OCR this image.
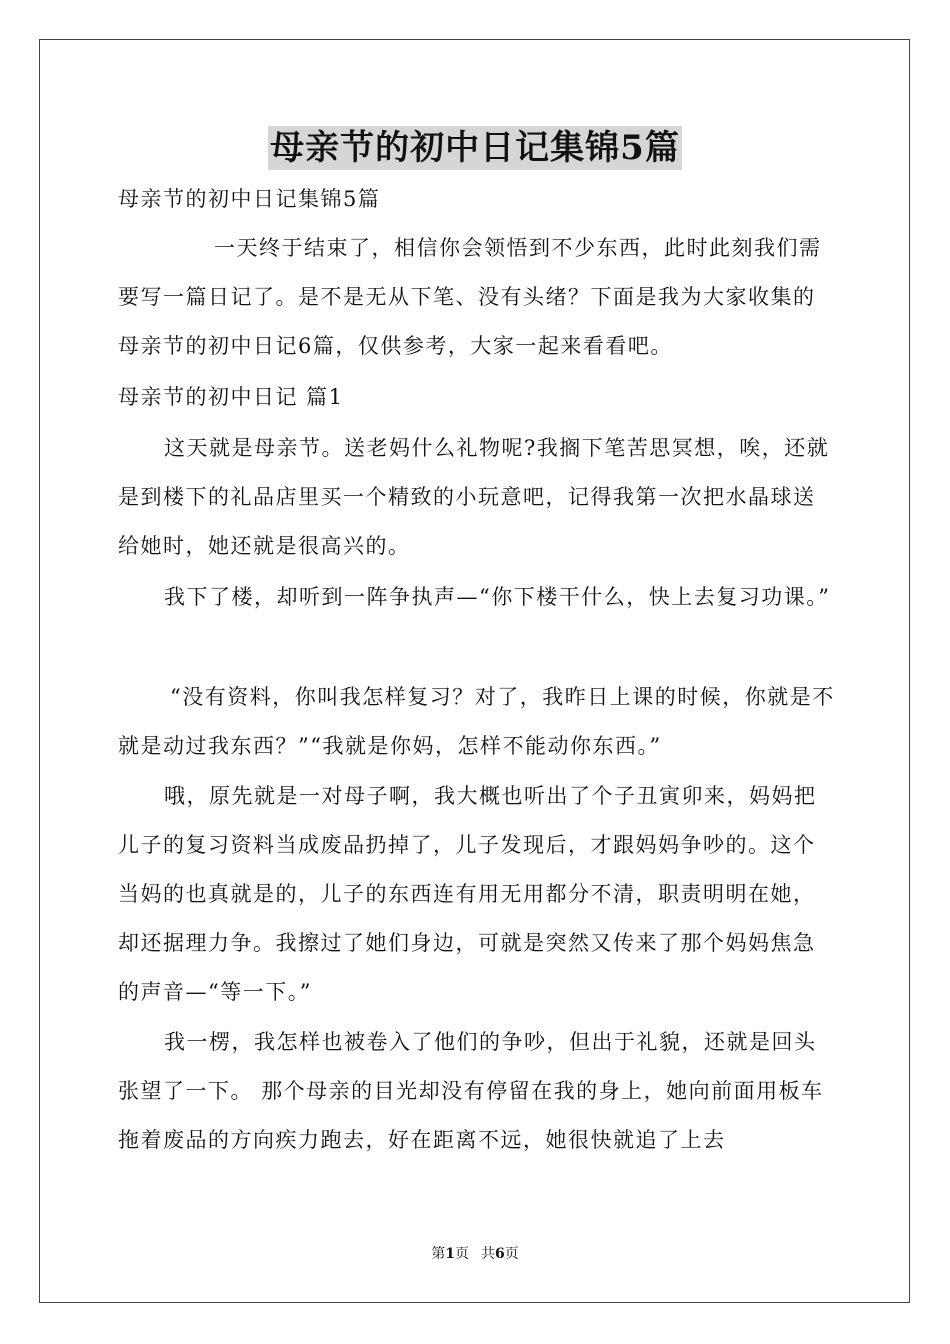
母亲节的初中日记集锦5篇

母亲节的初中日记集锦5篇

一天终于结束了，相信你会领悟到不少东西，此时此刻我们需要写一篇日记了。是不是无从下笔、没有头绪？下面是我为大家收集的母亲节的初中日记6篇，仅供参考，大家一起来看看吧。

母亲节的初中日记 篇1

这天就是母亲节。送老妈什么礼物呢?我搁下笔苦思冥想，唉，还就是到楼下的礼品店里买一个精致的小玩意吧，记得我第一次把水晶球送给她时，她还就是很高兴的。

我下了楼，却听到一阵争执声—“你下楼干什么，快上去复习功课。”

“没有资料，你叫我怎样复习？对了，我昨日上课的时候，你就是不就是动过我东西？”“我就是你妈，怎样不能动你东西。”

哦，原先就是一对母子啊，我大概也听出了个子丑寅卯来，妈妈把儿子的复习资料当成废品扔掉了，儿子发现后，才跟妈妈争吵的。这个当妈的也真就是的，儿子的东西连有用无用都分不清，职责明明在她，却还据理力争。我擦过了她们身边，可就是突然又传来了那个妈妈焦急的声音—“等一下。”

我一楞，我怎样也被卷入了他们的争吵，但出于礼貌，还就是回头张望了一下。 那个母亲的目光却没有停留在我的身上，她向前面用板车拖着废品的方向疾力跑去，好在距离不远，她很快就追了上去

第1页 共6页
